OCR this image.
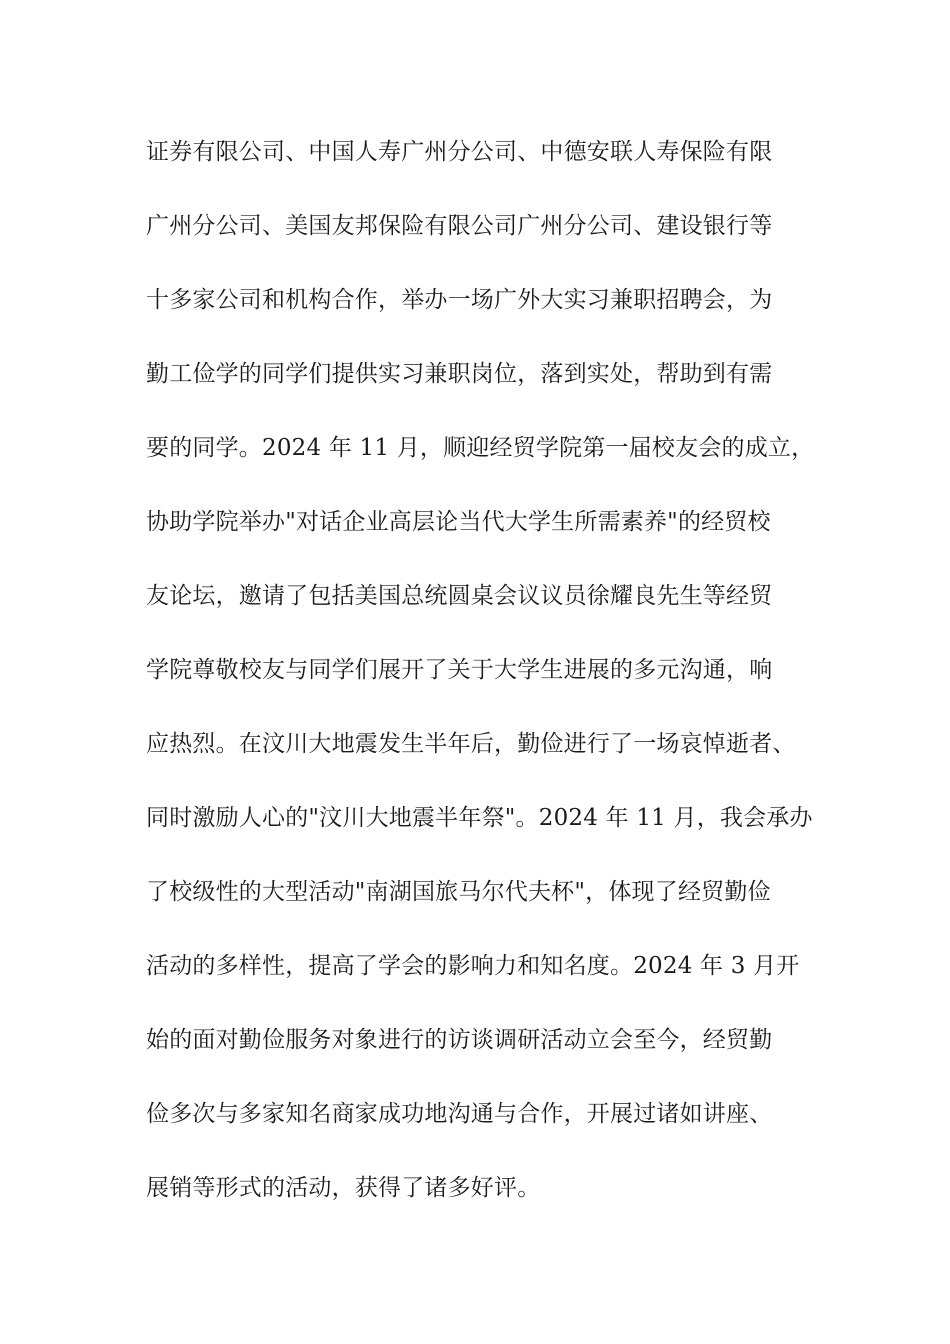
证券有限公司、中国人寿广州分公司、中德安联人寿保险有限
广州分公司、美国友邦保险有限公司广州分公司、建设银行等
十多家公司和机构合作，举办一场广外大实习兼职招聘会，为
勤工俭学的同学们提供实习兼职岗位，落到实处，帮助到有需
要的同学。2024 年 11 月，顺迎经贸学院第一届校友会的成立，
协助学院举办"对话企业高层论当代大学生所需素养"的经贸校
友论坛，邀请了包括美国总统圆桌会议议员徐耀良先生等经贸
学院尊敬校友与同学们展开了关于大学生进展的多元沟通，响
应热烈。在汶川大地震发生半年后，勤俭进行了一场哀悼逝者、
同时激励人心的"汶川大地震半年祭"。2024 年 11 月，我会承办
了校级性的大型活动"南湖国旅马尔代夫杯"，体现了经贸勤俭
活动的多样性，提高了学会的影响力和知名度。2024 年 3 月开
始的面对勤俭服务对象进行的访谈调研活动立会至今，经贸勤
俭多次与多家知名商家成功地沟通与合作，开展过诸如讲座、
展销等形式的活动，获得了诸多好评。
